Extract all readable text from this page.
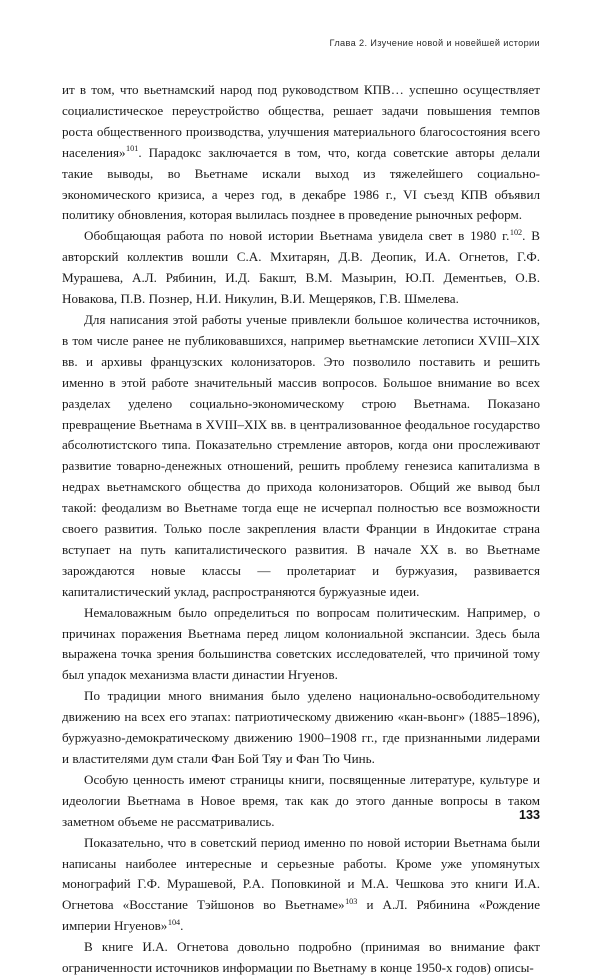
Глава 2. Изучение новой и новейшей истории

ит в том, что вьетнамский народ под руководством КПВ… успешно осуществляет социалистическое переустройство общества, решает задачи повышения темпов роста общественного производства, улучшения материального благосостояния всего населения»$^{101}$. Парадокс заключается в том, что, когда советские авторы делали такие выводы, во Вьетнаме искали выход из тяжелейшего социально-экономического кризиса, а через год, в декабре 1986 г., VI съезд КПВ объявил политику обновления, которая вылилась позднее в проведение рыночных реформ.

Обобщающая работа по новой истории Вьетнама увидела свет в 1980 г.$^{102}$. В авторский коллектив вошли С.А. Мхитарян, Д.В. Деопик, И.А. Огнетов, Г.Ф. Мурашева, А.Л. Рябинин, И.Д. Бакшт, В.М. Мазырин, Ю.П. Дементьев, О.В. Новакова, П.В. Познер, Н.И. Никулин, В.И. Мещеряков, Г.В. Шмелева.

Для написания этой работы ученые привлекли большое количества источников, в том числе ранее не публиковавшихся, например вьетнамские летописи XVIII–XIX вв. и архивы французских колонизаторов. Это позволило поставить и решить именно в этой работе значительный массив вопросов. Большое внимание во всех разделах уделено социально-экономическому строю Вьетнама. Показано превращение Вьетнама в XVIII–XIX вв. в централизованное феодальное государство абсолютистского типа. Показательно стремление авторов, когда они прослеживают развитие товарно-денежных отношений, решить проблему генезиса капитализма в недрах вьетнамского общества до прихода колонизаторов. Общий же вывод был такой: феодализм во Вьетнаме тогда еще не исчерпал полностью все возможности своего развития. Только после закрепления власти Франции в Индокитае страна вступает на путь капиталистического развития. В начале XX в. во Вьетнаме зарождаются новые классы — пролетариат и буржуазия, развивается капиталистический уклад, распространяются буржуазные идеи.

Немаловажным было определиться по вопросам политическим. Например, о причинах поражения Вьетнама перед лицом колониальной экспансии. Здесь была выражена точка зрения большинства советских исследователей, что причиной тому был упадок механизма власти династии Нгуенов.

По традиции много внимания было уделено национально-освободительному движению на всех его этапах: патриотическому движению «кан-вьонг» (1885–1896), буржуазно-демократическому движению 1900–1908 гг., где признанными лидерами и властителями дум стали Фан Бой Тяу и Фан Тю Чинь.

Особую ценность имеют страницы книги, посвященные литературе, культуре и идеологии Вьетнама в Новое время, так как до этого данные вопросы в таком заметном объеме не рассматривались.

Показательно, что в советский период именно по новой истории Вьетнама были написаны наиболее интересные и серьезные работы. Кроме уже упомянутых монографий Г.Ф. Мурашевой, Р.А. Поповкиной и М.А. Чешкова это книги И.А. Огнетова «Восстание Тэйшонов во Вьетнаме»$^{103}$ и А.Л. Рябинина «Рождение империи Нгуенов»$^{104}$.

В книге И.А. Огнетова довольно подробно (принимая во внимание факт ограниченности источников информации по Вьетнаму в конце 1950-х годов) описы-

133
